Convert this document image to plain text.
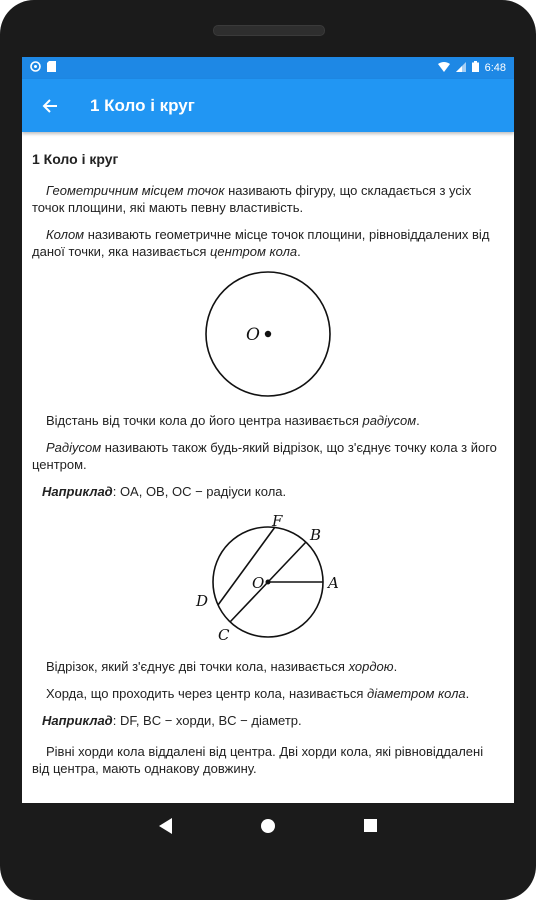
6:48
1 Коло і круг
1 Коло і круг

Геометричним місцем точок називають фігуру, що складається з усіх точок площини, які мають певну властивість.

Колом називають геометричне місце точок площини, рівновіддалених від даної точки, яка називається центром кола.

O

Відстань від точки кола до його центра називається радіусом.

Радіусом називають також будь-який відрізок, що з'єднує точку кола з його центром.

Наприклад: OA, OB, OC − радіуси кола.

F
B
O	A
D
C

Відрізок, який з'єднує дві точки кола, називається хордою.

Хорда, що проходить через центр кола, називається діаметром кола.

Наприклад: DF, BC − хорди, BC − діаметр.

Рівні хорди кола віддалені від центра. Дві хорди кола, які рівновіддалені від центра, мають однакову довжину.
